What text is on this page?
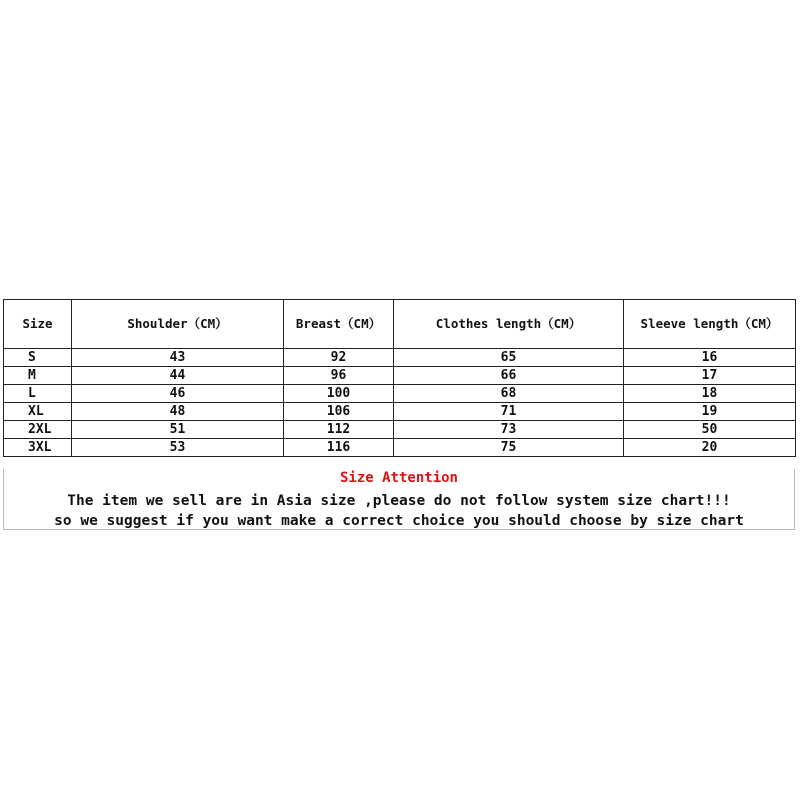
Size	Shoulder（CM）	Breast（CM）	Clothes length（CM）	Sleeve length（CM）
S	43	92	65	16
M	44	96	66	17
L	46	100	68	18
XL	48	106	71	19
2XL	51	112	73	50
3XL	53	116	75	20
Size Attention
The item we sell are in Asia size ,please do not follow system size chart!!!
so we suggest if you want make a correct choice you should choose by size chart
